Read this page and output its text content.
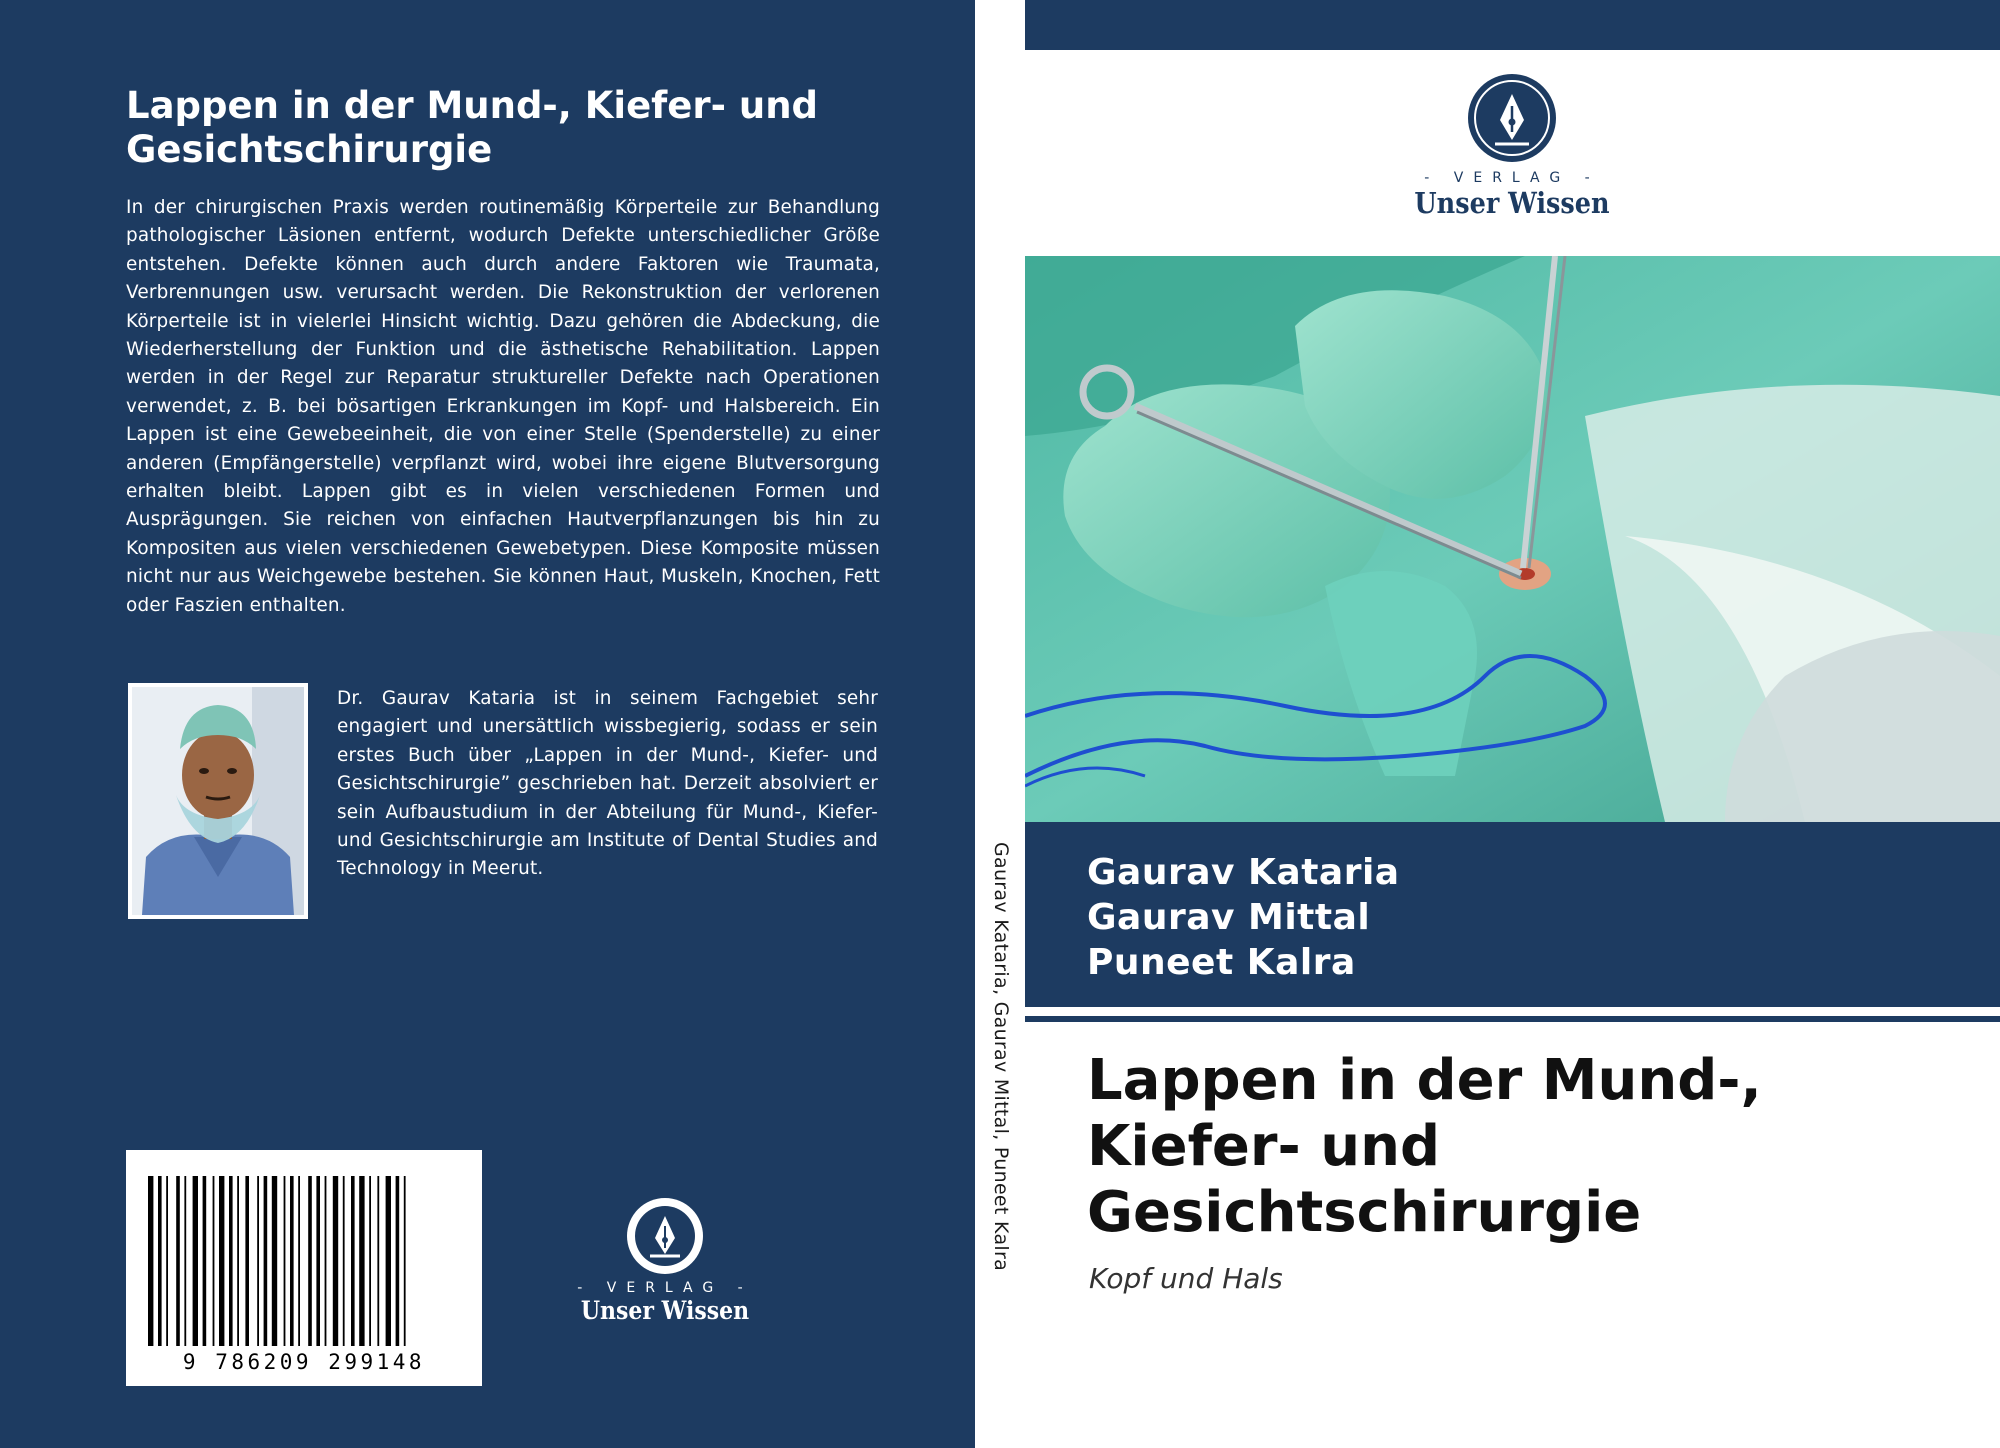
Lappen in der Mund-, Kiefer- und Gesichtschirurgie

In der chirurgischen Praxis werden routinemäßig Körperteile zur Behandlung pathologischer Läsionen entfernt, wodurch Defekte unterschiedlicher Größe entstehen. Defekte können auch durch andere Faktoren wie Traumata, Verbrennungen usw. verursacht werden. Die Rekonstruktion der verlorenen Körperteile ist in vielerlei Hinsicht wichtig. Dazu gehören die Abdeckung, die Wiederherstellung der Funktion und die ästhetische Rehabilitation. Lappen werden in der Regel zur Reparatur struktureller Defekte nach Operationen verwendet, z. B. bei bösartigen Erkrankungen im Kopf- und Halsbereich. Ein Lappen ist eine Gewebeeinheit, die von einer Stelle (Spenderstelle) zu einer anderen (Empfängerstelle) verpflanzt wird, wobei ihre eigene Blutversorgung erhalten bleibt. Lappen gibt es in vielen verschiedenen Formen und Ausprägungen. Sie reichen von einfachen Hautverpflanzungen bis hin zu Kompositen aus vielen verschiedenen Gewebetypen. Diese Komposite müssen nicht nur aus Weichgewebe bestehen. Sie können Haut, Muskeln, Knochen, Fett oder Faszien enthalten.

Dr. Gaurav Kataria ist in seinem Fachgebiet sehr engagiert und unersättlich wissbegierig, sodass er sein erstes Buch über „Lappen in der Mund-, Kiefer- und Gesichtschirurgie” geschrieben hat. Derzeit absolviert er sein Aufbaustudium in der Abteilung für Mund-, Kiefer- und Gesichtschirurgie am Institute of Dental Studies and Technology in Meerut.

9 786209 299148
- VERLAG -
Unser Wissen
Gaurav Kataria, Gaurav Mittal, Puneet Kalra
- VERLAG -
Unser Wissen
Gaurav Kataria
Gaurav Mittal
Puneet Kalra
Lappen in der Mund-, Kiefer- und Gesichtschirurgie

Kopf und Hals
